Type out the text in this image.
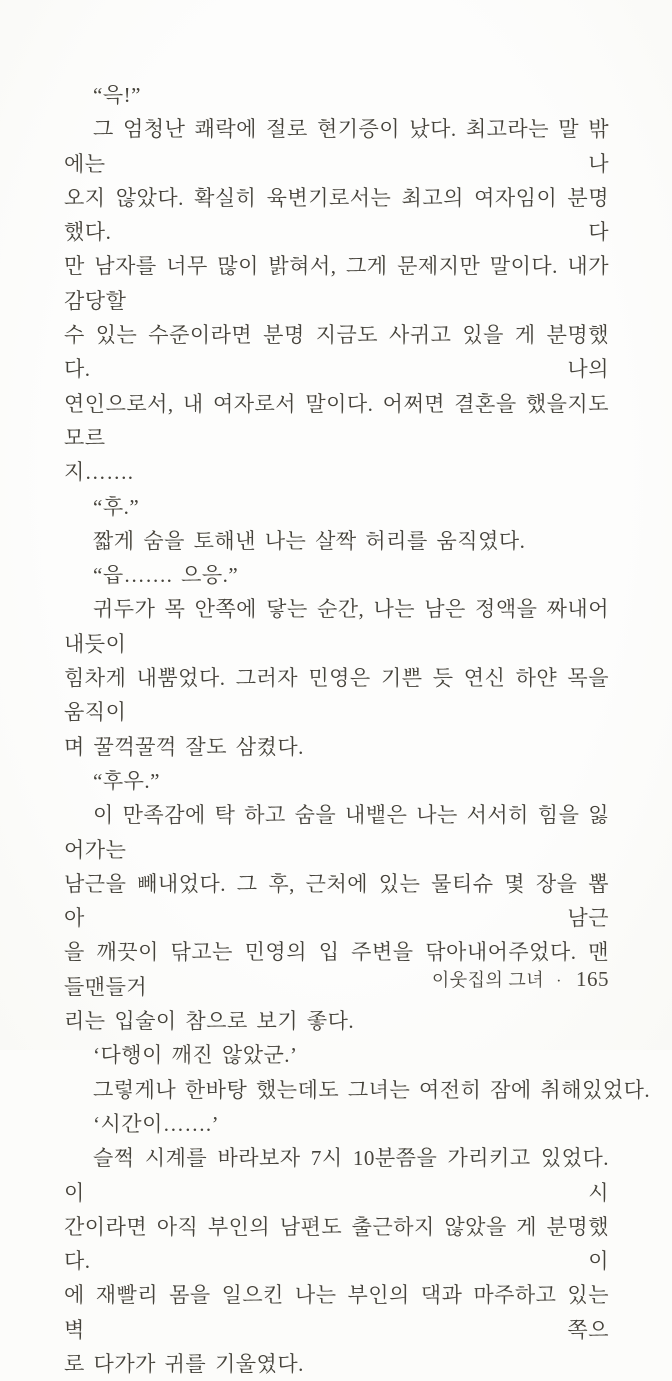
“윽!”
그 엄청난 쾌락에 절로 현기증이 났다. 최고라는 말 밖에는 나
오지 않았다. 확실히 육변기로서는 최고의 여자임이 분명했다. 다
만 남자를 너무 많이 밝혀서, 그게 문제지만 말이다. 내가 감당할
수 있는 수준이라면 분명 지금도 사귀고 있을 게 분명했다. 나의
연인으로서, 내 여자로서 말이다. 어쩌면 결혼을 했을지도 모르
지…….
“후.”
짧게 숨을 토해낸 나는 살짝 허리를 움직였다.
“읍……. 으응.”
귀두가 목 안쪽에 닿는 순간, 나는 남은 정액을 짜내어내듯이
힘차게 내뿜었다. 그러자 민영은 기쁜 듯 연신 하얀 목을 움직이
며 꿀꺽꿀꺽 잘도 삼켰다.
“후우.”
이 만족감에 탁 하고 숨을 내뱉은 나는 서서히 힘을 잃어가는
남근을 빼내었다. 그 후, 근처에 있는 물티슈 몇 장을 뽑아 남근
을 깨끗이 닦고는 민영의 입 주변을 닦아내어주었다. 맨들맨들거
리는 입술이 참으로 보기 좋다.
‘다행이 깨진 않았군.’
그렇게나 한바탕 했는데도 그녀는 여전히 잠에 취해있었다.
‘시간이…….’
슬쩍 시계를 바라보자 7시 10분쯤을 가리키고 있었다. 이 시
간이라면 아직 부인의 남편도 출근하지 않았을 게 분명했다. 이
에 재빨리 몸을 일으킨 나는 부인의 댁과 마주하고 있는 벽 쪽으
로 다가가 귀를 기울였다.
이웃집의 그녀 · 165
